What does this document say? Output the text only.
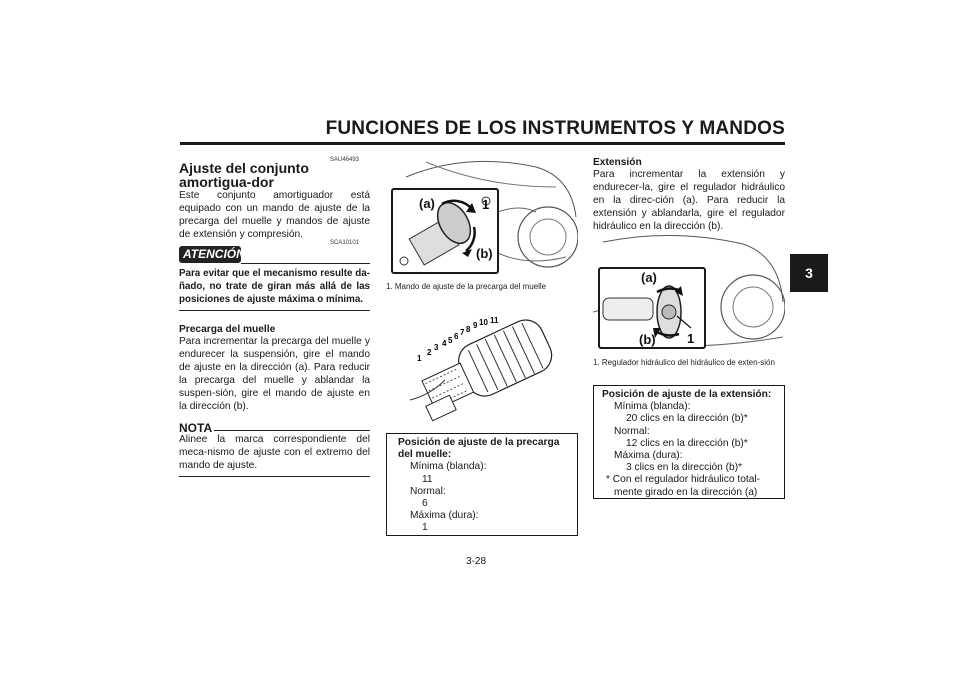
FUNCIONES DE LOS INSTRUMENTOS Y MANDOS
3
SAU46493
Ajuste del conjunto amortigua-dor
Este conjunto amortiguador está equipado con un mando de ajuste de la precarga del muelle y mandos de ajuste de extensión y compresión.
ATENCIÓN
SCA10101
Para evitar que el mecanismo resulte da-ñado, no trate de giran más allá de las posiciones de ajuste máxima o mínima.
Precarga del muelle
Para incrementar la precarga del muelle y endurecer la suspensión, gire el mando de ajuste en la dirección (a). Para reducir la precarga del muelle y ablandar la suspen-sión, gire el mando de ajuste en la dirección (b).
NOTA
Alinee la marca correspondiente del meca-nismo de ajuste con el extremo del mando de ajuste.
(a)
(b)
1
1. Mando de ajuste de la precarga del muelle
1
2
3 4 5 6 7 8 9 10 11
Posición de ajuste de la precarga del muelle:
Mínima (blanda):
11
Normal:
6
Máxima (dura):
1
Extensión
Para incrementar la extensión y endurecer-la, gire el regulador hidráulico en la direc-ción (a). Para reducir la extensión y ablandarla, gire el regulador hidráulico en la dirección (b).
(a)
(b) 1
1. Regulador hidráulico del hidráulico de exten-sión
Posición de ajuste de la extensión:
Mínima (blanda):
20 clics en la dirección (b)*
Normal:
12 clics en la dirección (b)*
Máxima (dura):
3 clics en la dirección (b)*
* Con el regulador hidráulico total-
mente girado en la dirección (a)
3-28
